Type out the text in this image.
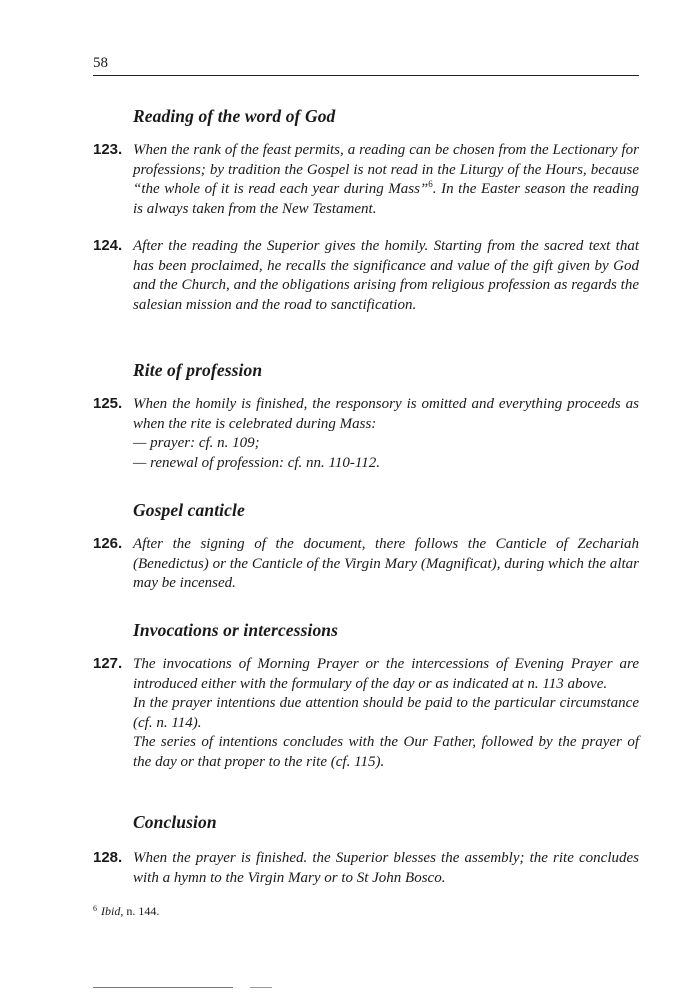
58
Reading of the word of God
123. When the rank of the feast permits, a reading can be chosen from the Lectionary for professions; by tradition the Gospel is not read in the Liturgy of the Hours, because “the whole of it is read each year during Mass”$^6$. In the Easter season the reading is always taken from the New Testament.
124. After the reading the Superior gives the homily. Starting from the sacred text that has been proclaimed, he recalls the significance and value of the gift given by God and the Church, and the obligations arising from religious profession as regards the salesian mission and the road to sanctification.
Rite of profession
125. When the homily is finished, the responsory is omitted and everything proceeds as when the rite is celebrated during Mass:

— prayer: cf. n. 109;

— renewal of profession: cf. nn. 110-112.

Gospel canticle
126. After the signing of the document, there follows the Canticle of Zechariah (Benedictus) or the Canticle of the Virgin Mary (Magnificat), during which the altar may be incensed.
Invocations or intercessions
127. The invocations of Morning Prayer or the intercessions of Evening Prayer are introduced either with the formulary of the day or as indicated at n. 113 above.

In the prayer intentions due attention should be paid to the particular circumstance (cf. n. 114).

The series of intentions concludes with the Our Father, followed by the prayer of the day or that proper to the rite (cf. 115).

Conclusion
128. When the prayer is finished. the Superior blesses the assembly; the rite concludes with a hymn to the Virgin Mary or to St John Bosco.
$^6$ Ibid, n. 144.
